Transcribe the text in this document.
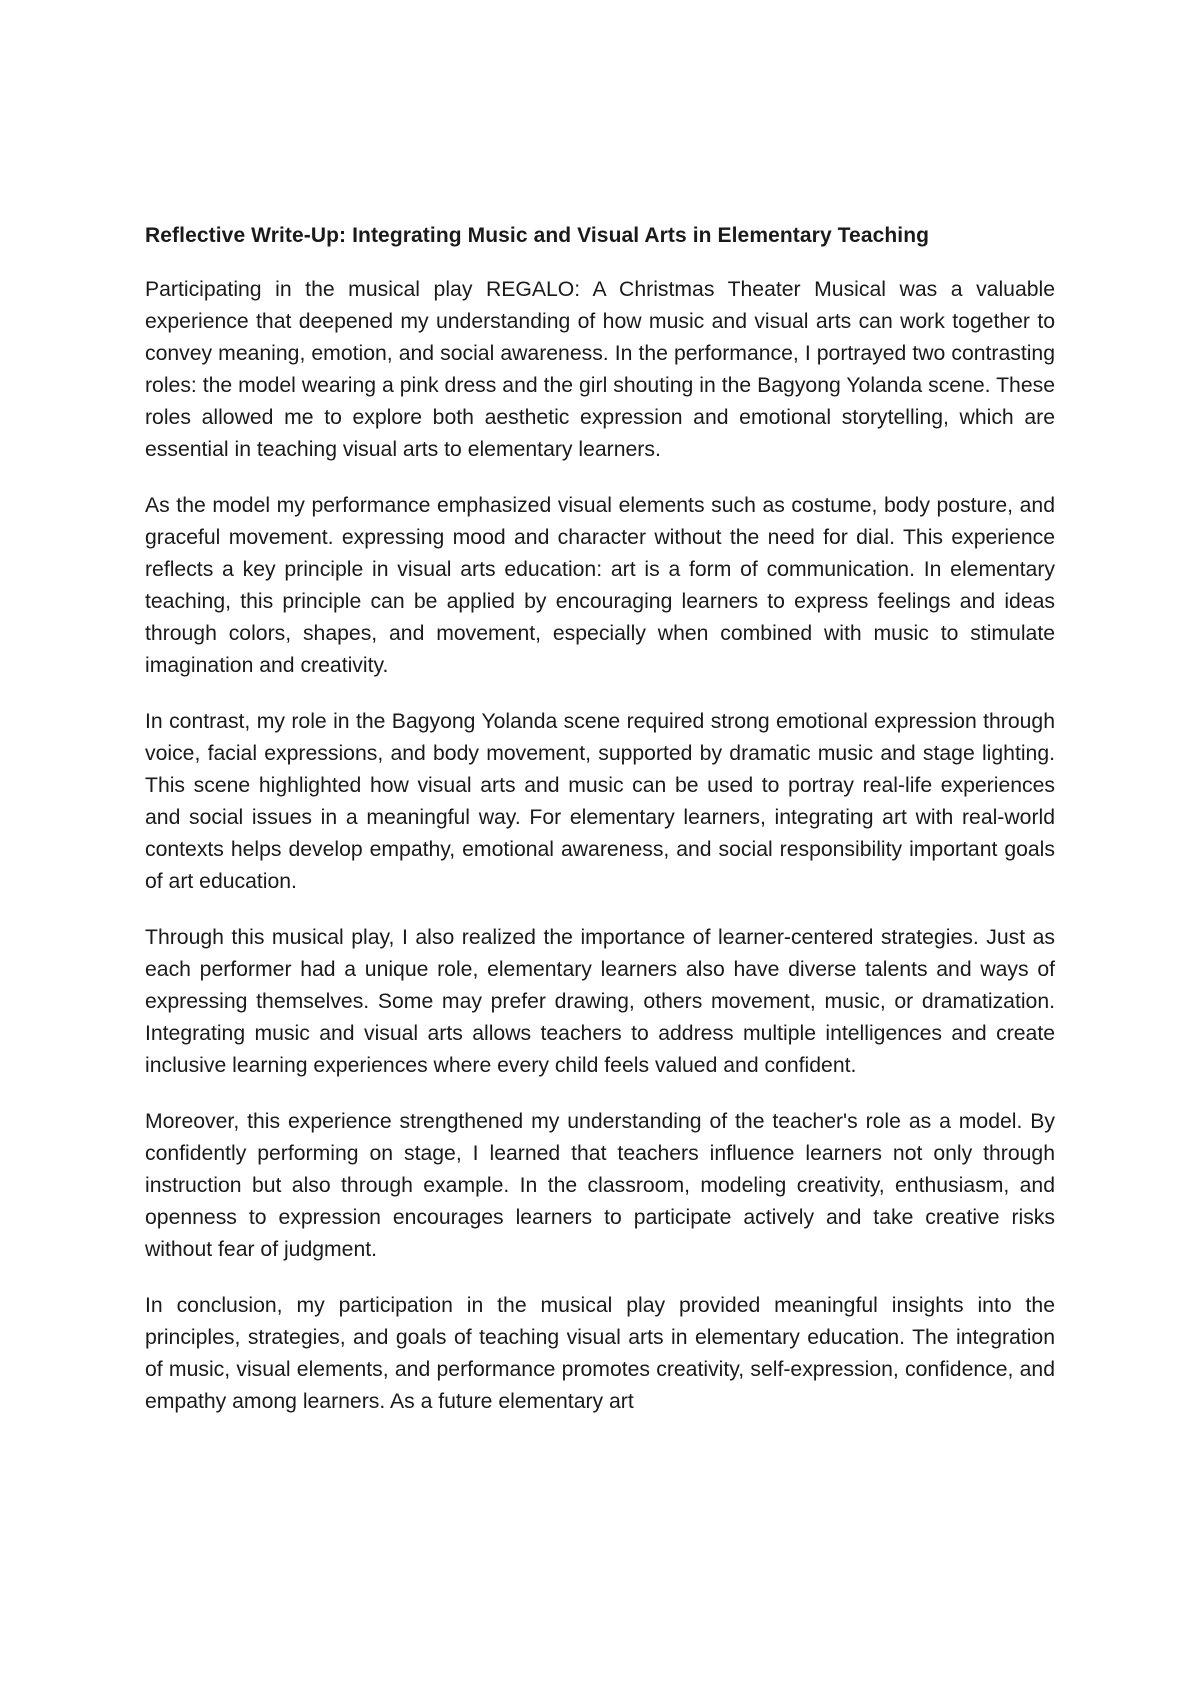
Reflective Write-Up: Integrating Music and Visual Arts in Elementary Teaching

Participating in the musical play REGALO: A Christmas Theater Musical was a valuable experience that deepened my understanding of how music and visual arts can work together to convey meaning, emotion, and social awareness. In the performance, I portrayed two contrasting roles: the model wearing a pink dress and the girl shouting in the Bagyong Yolanda scene. These roles allowed me to explore both aesthetic expression and emotional storytelling, which are essential in teaching visual arts to elementary learners.

As the model my performance emphasized visual elements such as costume, body posture, and graceful movement. expressing mood and character without the need for dial. This experience reflects a key principle in visual arts education: art is a form of communication. In elementary teaching, this principle can be applied by encouraging learners to express feelings and ideas through colors, shapes, and movement, especially when combined with music to stimulate imagination and creativity.

In contrast, my role in the Bagyong Yolanda scene required strong emotional expression through voice, facial expressions, and body movement, supported by dramatic music and stage lighting. This scene highlighted how visual arts and music can be used to portray real-life experiences and social issues in a meaningful way. For elementary learners, integrating art with real-world contexts helps develop empathy, emotional awareness, and social responsibility important goals of art education.

Through this musical play, I also realized the importance of learner-centered strategies. Just as each performer had a unique role, elementary learners also have diverse talents and ways of expressing themselves. Some may prefer drawing, others movement, music, or dramatization. Integrating music and visual arts allows teachers to address multiple intelligences and create inclusive learning experiences where every child feels valued and confident.

Moreover, this experience strengthened my understanding of the teacher's role as a model. By confidently performing on stage, I learned that teachers influence learners not only through instruction but also through example. In the classroom, modeling creativity, enthusiasm, and openness to expression encourages learners to participate actively and take creative risks without fear of judgment.

In conclusion, my participation in the musical play provided meaningful insights into the principles, strategies, and goals of teaching visual arts in elementary education. The integration of music, visual elements, and performance promotes creativity, self-expression, confidence, and empathy among learners. As a future elementary art
